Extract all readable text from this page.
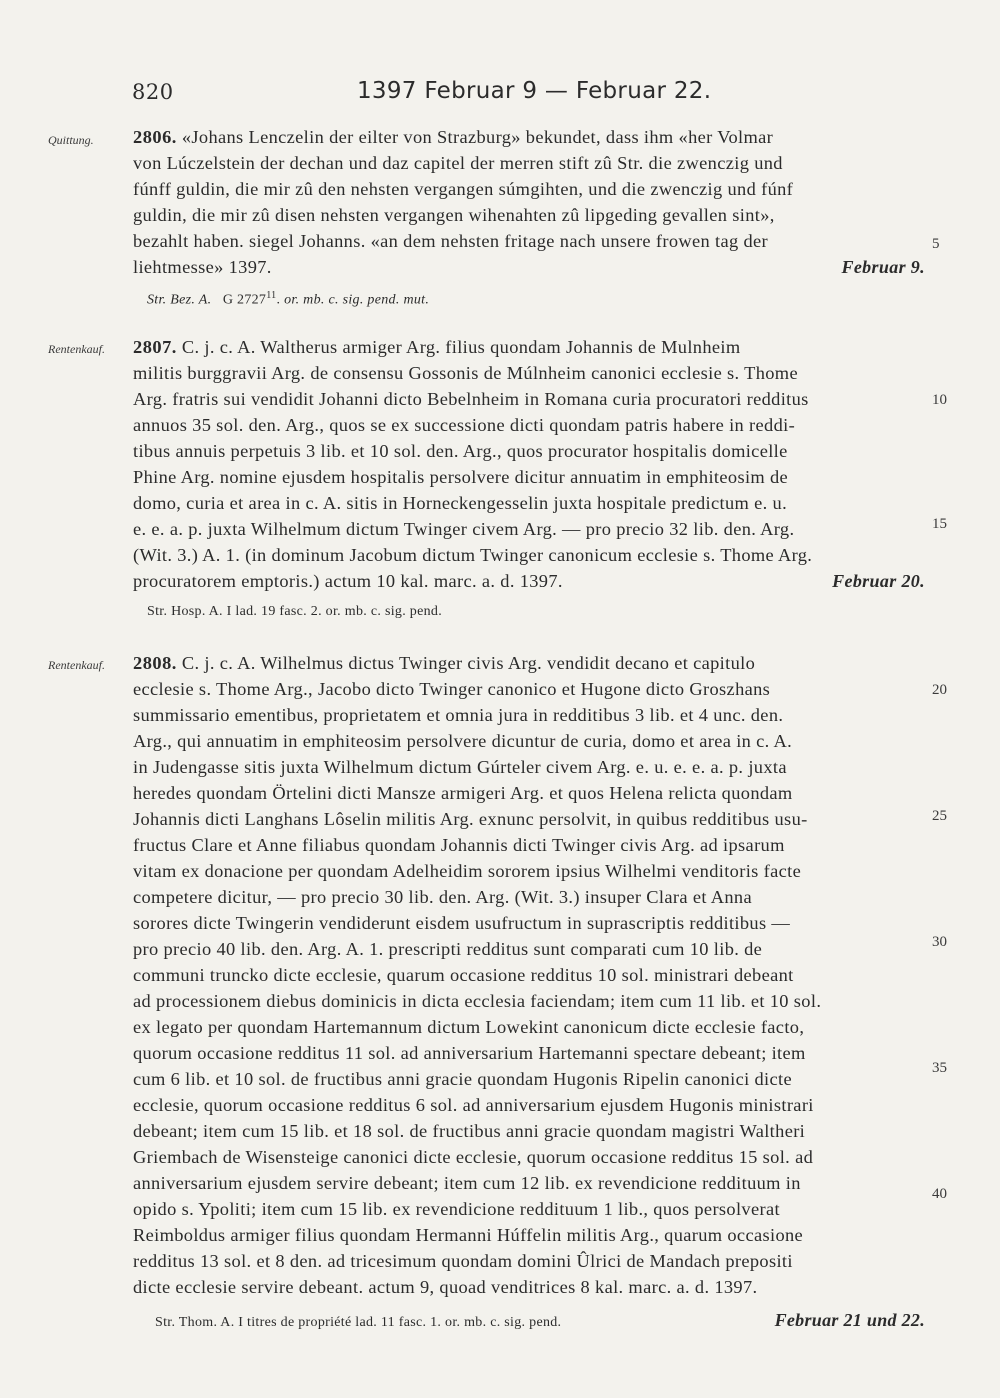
820	1397 Februar 9 — Februar 22.
Quittung. 2806. «Johans Lenczelin der eilter von Strazburg» bekundet, dass ihm «her Volmar
von Lúczelstein der dechan und daz capitel der merren stift zû Str. die zwenczig und
fúnff guldin, die mir zû den nehsten vergangen súmgihten, und die zwenczig und fúnf
guldin, die mir zû disen nehsten vergangen wihenahten zû lipgeding gevallen sint»,
bezahlt haben. siegel Johanns. «an dem nehsten fritage nach unsere frowen tag der
liehtmesse» 1397.	Februar 9.
Str. Bez. A. G 2727$^{11}$. or. mb. c. sig. pend. mut.
Rentenkauf. 2807. C. j. c. A. Waltherus armiger Arg. filius quondam Johannis de Mulnheim
militis burggravii Arg. de consensu Gossonis de Múlnheim canonici ecclesie s. Thome
Arg. fratris sui vendidit Johanni dicto Bebelnheim in Romana curia procuratori redditus
annuos 35 sol. den. Arg., quos se ex successione dicti quondam patris habere in reddi-
tibus annuis perpetuis 3 lib. et 10 sol. den. Arg., quos procurator hospitalis domicelle
Phine Arg. nomine ejusdem hospitalis persolvere dicitur annuatim in emphiteosim de
domo, curia et area in c. A. sitis in Horneckengesselin juxta hospitale predictum e. u.
e. e. a. p. juxta Wilhelmum dictum Twinger civem Arg. — pro precio 32 lib. den. Arg.
(Wit. 3.) A. 1. (in dominum Jacobum dictum Twinger canonicum ecclesie s. Thome Arg.
procuratorem emptoris.) actum 10 kal. marc. a. d. 1397.	Februar 20.
Str. Hosp. A. I lad. 19 fasc. 2. or. mb. c. sig. pend.
Rentenkauf. 2808. C. j. c. A. Wilhelmus dictus Twinger civis Arg. vendidit decano et capitulo
ecclesie s. Thome Arg., Jacobo dicto Twinger canonico et Hugone dicto Groszhans
summissario ementibus, proprietatem et omnia jura in redditibus 3 lib. et 4 unc. den.
Arg., qui annuatim in emphiteosim persolvere dicuntur de curia, domo et area in c. A.
in Judengasse sitis juxta Wilhelmum dictum Gúrteler civem Arg. e. u. e. e. a. p. juxta
heredes quondam Örtelini dicti Mansze armigeri Arg. et quos Helena relicta quondam
Johannis dicti Langhans Lôselin militis Arg. exnunc persolvit, in quibus redditibus usu-
fructus Clare et Anne filiabus quondam Johannis dicti Twinger civis Arg. ad ipsarum
vitam ex donacione per quondam Adelheidim sororem ipsius Wilhelmi venditoris facte
competere dicitur, — pro precio 30 lib. den. Arg. (Wit. 3.) insuper Clara et Anna
sorores dicte Twingerin vendiderunt eisdem usufructum in suprascriptis redditibus —
pro precio 40 lib. den. Arg. A. 1. prescripti redditus sunt comparati cum 10 lib. de
communi truncko dicte ecclesie, quarum occasione redditus 10 sol. ministrari debeant
ad processionem diebus dominicis in dicta ecclesia faciendam; item cum 11 lib. et 10 sol.
ex legato per quondam Hartemannum dictum Lowekint canonicum dicte ecclesie facto,
quorum occasione redditus 11 sol. ad anniversarium Hartemanni spectare debeant; item
cum 6 lib. et 10 sol. de fructibus anni gracie quondam Hugonis Ripelin canonici dicte
ecclesie, quorum occasione redditus 6 sol. ad anniversarium ejusdem Hugonis ministrari
debeant; item cum 15 lib. et 18 sol. de fructibus anni gracie quondam magistri Waltheri
Griembach de Wisensteige canonici dicte ecclesie, quorum occasione redditus 15 sol. ad
anniversarium ejusdem servire debeant; item cum 12 lib. ex revendicione reddituum in
opido s. Ypoliti; item cum 15 lib. ex revendicione reddituum 1 lib., quos persolverat
Reimboldus armiger filius quondam Hermanni Húffelin militis Arg., quarum occasione
redditus 13 sol. et 8 den. ad tricesimum quondam domini Ûlrici de Mandach prepositi
dicte ecclesie servire debeant. actum 9, quoad venditrices 8 kal. marc. a. d. 1397.
Str. Thom. A. I titres de propriété lad. 11 fasc. 1. or. mb. c. sig. pend.	Februar 21 und 22.
5
10
15
20
25
30
35
40
